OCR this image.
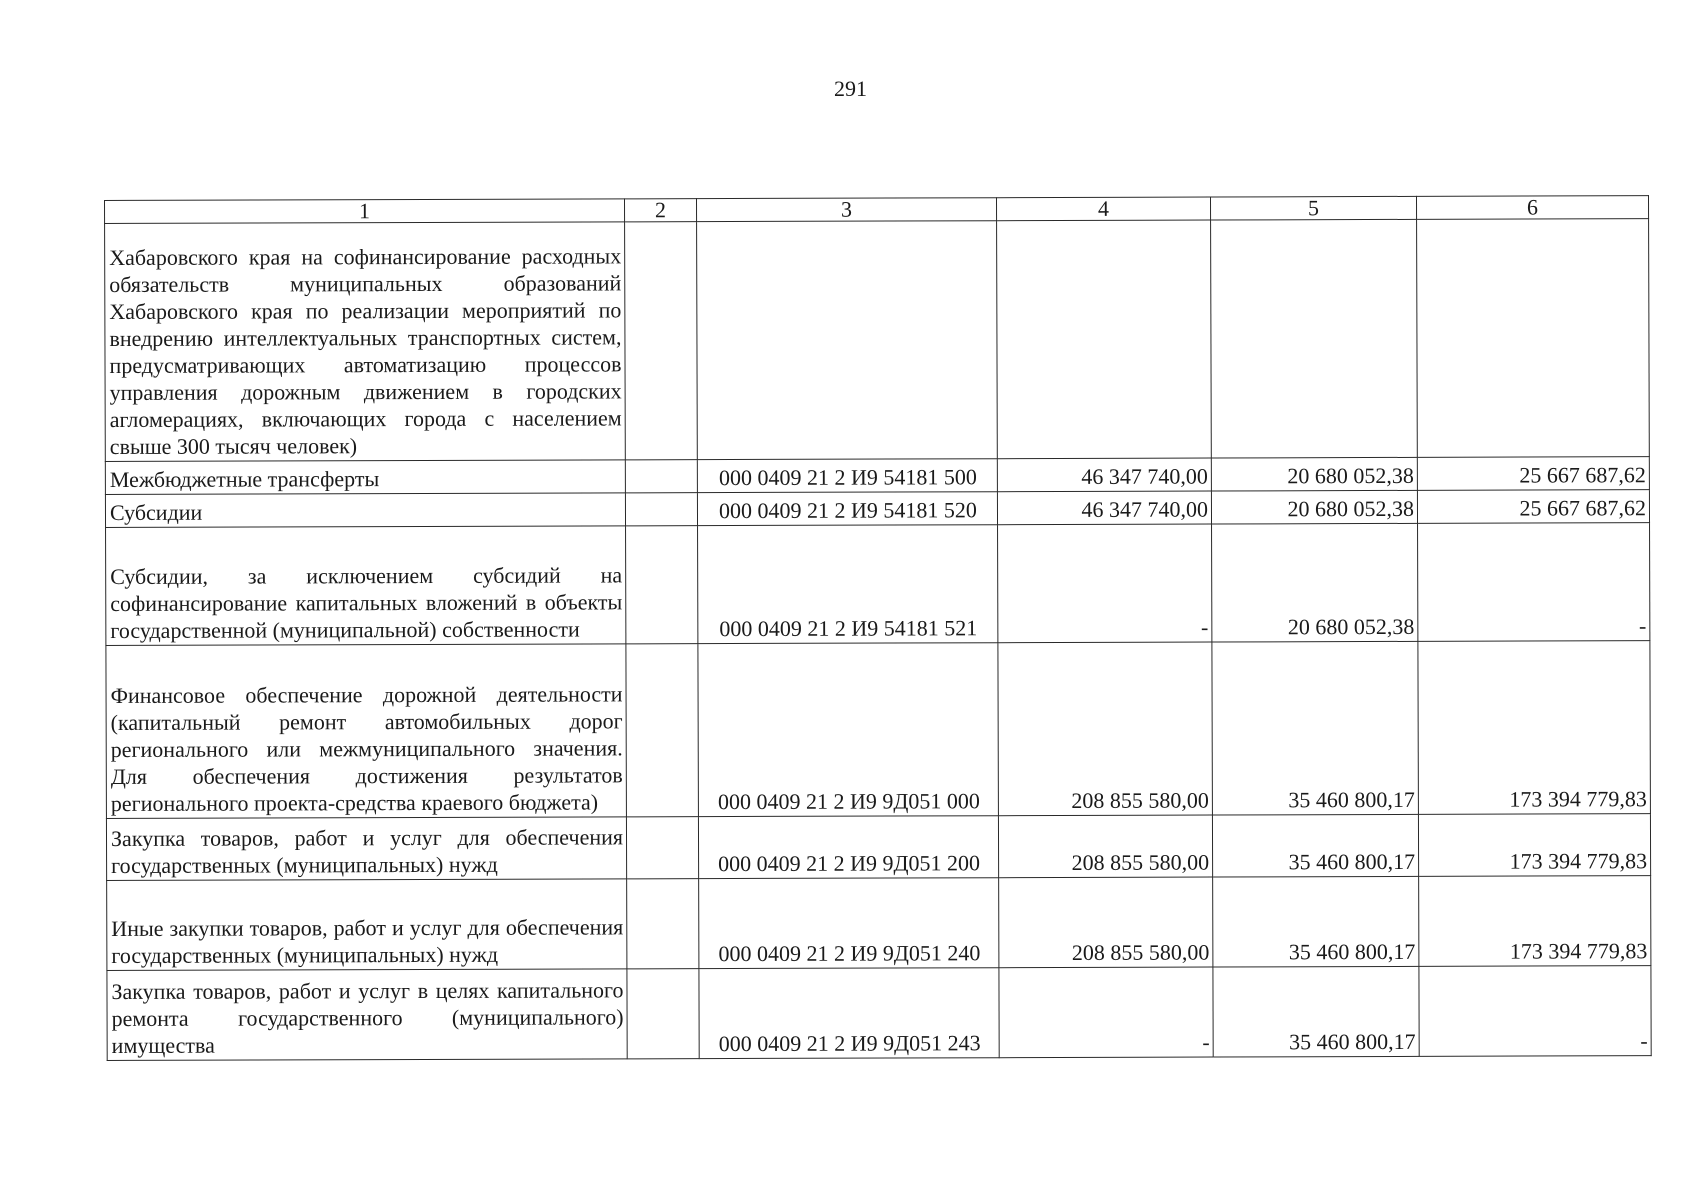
291
1	2	3	4	5	6
Хабаровского края на софинансирование расходных обязательств муниципальных образований Хабаровского края по реализации мероприятий по внедрению интеллектуальных транспортных систем, предусматривающих автоматизацию процессов управления дорожным движением в городских агломерациях, включающих города с населением свыше 300 тысяч человек)					
Межбюджетные трансферты		000 0409 21 2 И9 54181 500	46 347 740,00	20 680 052,38	25 667 687,62
Субсидии		000 0409 21 2 И9 54181 520	46 347 740,00	20 680 052,38	25 667 687,62
Субсидии, за исключением субсидий на софинансирование капитальных вложений в объекты государственной (муниципальной) собственности		000 0409 21 2 И9 54181 521	-	20 680 052,38	-
Финансовое обеспечение дорожной деятельности (капитальный ремонт автомобильных дорог регионального или межмуниципального значения. Для обеспечения достижения результатов регионального проекта-средства краевого бюджета)		000 0409 21 2 И9 9Д051 000	208 855 580,00	35 460 800,17	173 394 779,83
Закупка товаров, работ и услуг для обеспечения государственных (муниципальных) нужд		000 0409 21 2 И9 9Д051 200	208 855 580,00	35 460 800,17	173 394 779,83
Иные закупки товаров, работ и услуг для обеспечения государственных (муниципальных) нужд		000 0409 21 2 И9 9Д051 240	208 855 580,00	35 460 800,17	173 394 779,83
Закупка товаров, работ и услуг в целях капитального ремонта государственного (муниципального) имущества		000 0409 21 2 И9 9Д051 243	-	35 460 800,17	-
